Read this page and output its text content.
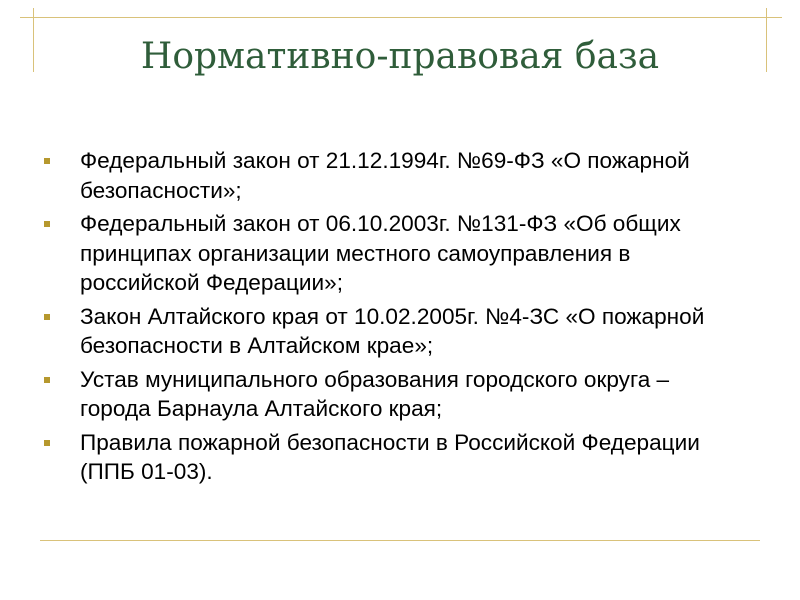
Нормативно-правовая база
Федеральный закон от 21.12.1994г. №69-ФЗ «О пожарной безопасности»;
Федеральный закон от 06.10.2003г. №131-ФЗ «Об общих принципах организации местного самоуправления в российской Федерации»;
Закон Алтайского края от 10.02.2005г. №4-ЗС «О пожарной безопасности в Алтайском крае»;
Устав муниципального образования городского округа – города Барнаула Алтайского края;
Правила пожарной безопасности в Российской Федерации (ППБ 01-03).
